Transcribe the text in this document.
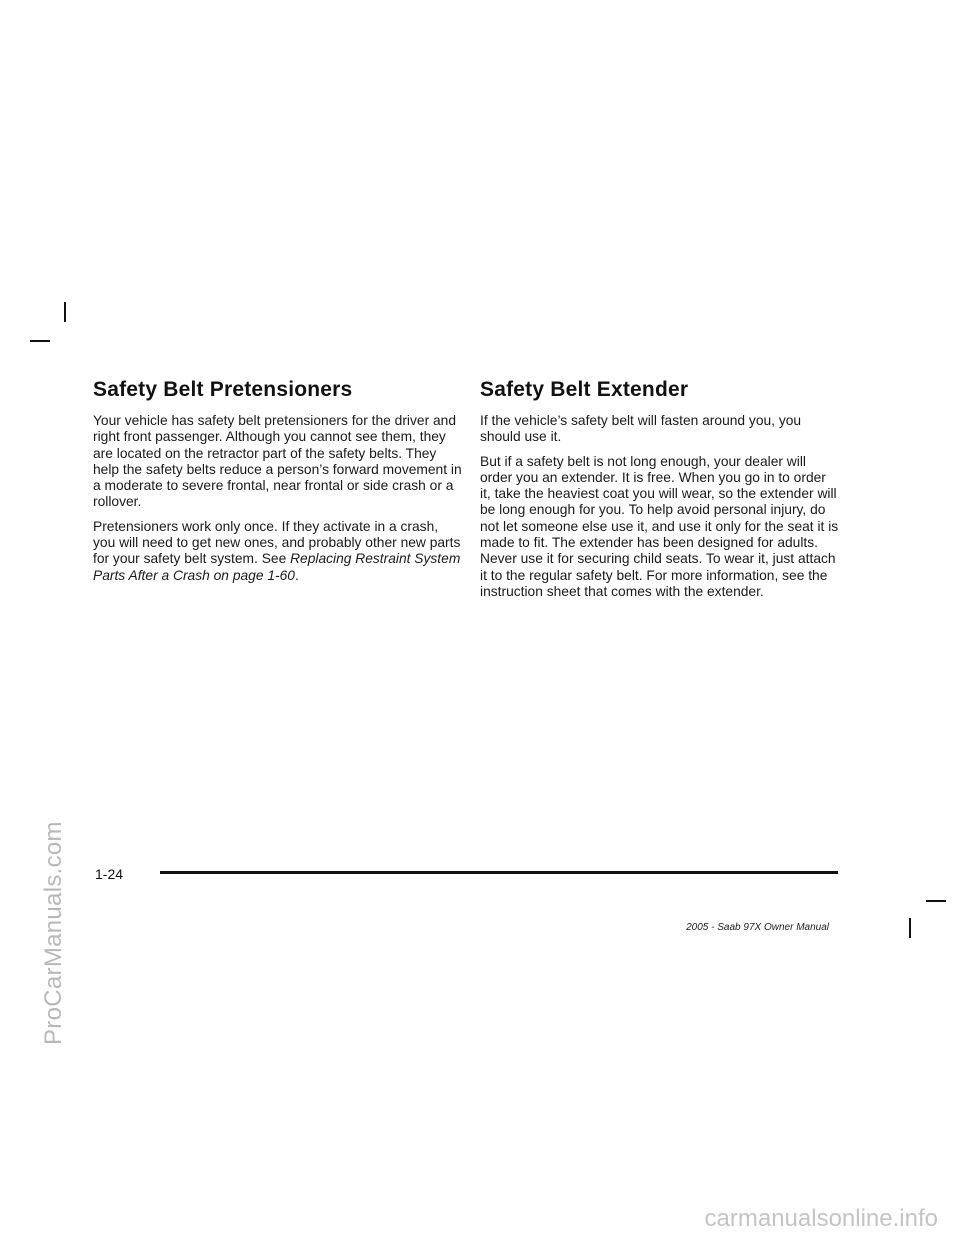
ProCarManuals.com
Safety Belt Pretensioners

Your vehicle has safety belt pretensioners for the driver and right front passenger. Although you cannot see them, they are located on the retractor part of the safety belts. They help the safety belts reduce a person’s forward movement in a moderate to severe frontal, near frontal or side crash or a rollover.

Pretensioners work only once. If they activate in a crash, you will need to get new ones, and probably other new parts for your safety belt system. See Replacing Restraint System Parts After a Crash on page 1-60.

Safety Belt Extender

If the vehicle’s safety belt will fasten around you, you should use it.

But if a safety belt is not long enough, your dealer will order you an extender. It is free. When you go in to order it, take the heaviest coat you will wear, so the extender will be long enough for you. To help avoid personal injury, do not let someone else use it, and use it only for the seat it is made to fit. The extender has been designed for adults. Never use it for securing child seats. To wear it, just attach it to the regular safety belt. For more information, see the instruction sheet that comes with the extender.

1-24
2005 - Saab 97X Owner Manual
carmanualsonline.info
